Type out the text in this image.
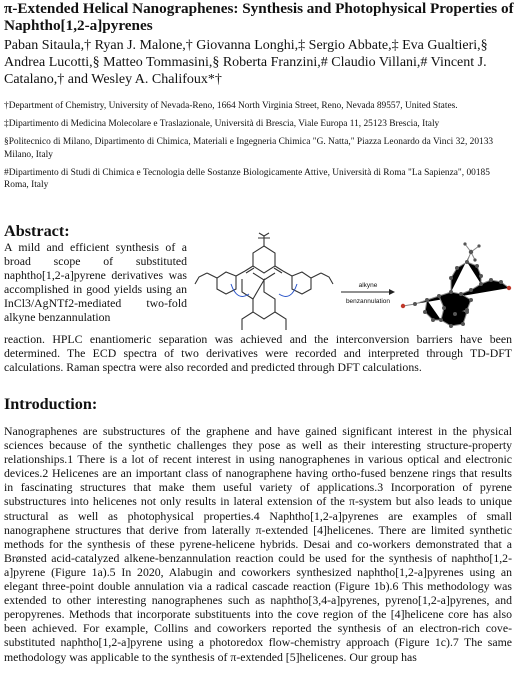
π-Extended Helical Nanographenes: Synthesis and Photophysical Properties of Naphtho[1,2-a]pyrenes
Paban Sitaula,† Ryan J. Malone,† Giovanna Longhi,‡ Sergio Abbate,‡ Eva Gualtieri,§ Andrea Lucotti,§ Matteo Tommasini,§ Roberta Franzini,# Claudio Villani,# Vincent J. Catalano,† and Wesley A. Chalifoux*†

†Department of Chemistry, University of Nevada-Reno, 1664 North Virginia Street, Reno, Nevada 89557, United States.

‡Dipartimento di Medicina Molecolare e Traslazionale, Università di Brescia, Viale Europa 11, 25123 Brescia, Italy

§Politecnico di Milano, Dipartimento di Chimica, Materiali e Ingegneria Chimica "G. Natta," Piazza Leonardo da Vinci 32, 20133 Milano, Italy

#Dipartimento di Studi di Chimica e Tecnologia delle Sostanze Biologicamente Attive, Università di Roma "La Sapienza", 00185 Roma, Italy

Abstract:
A mild and efficient synthesis of a broad scope of substituted naphtho[1,2-a]pyrene derivatives was accomplished in good yields using an InCl3/AgNTf2-mediated two-fold alkyne benzannulation
alkyne
benzannulation
reaction. HPLC enantiomeric separation was achieved and the interconversion barriers have been determined. The ECD spectra of two derivatives were recorded and interpreted through TD-DFT calculations. Raman spectra were also recorded and predicted through DFT calculations.
Introduction:
Nanographenes are substructures of the graphene and have gained significant interest in the physical sciences because of the synthetic challenges they pose as well as their interesting structure-property relationships.1 There is a lot of recent interest in using nanographenes in various optical and electronic devices.2 Helicenes are an important class of nanographene having ortho-fused benzene rings that results in fascinating structures that make them useful variety of applications.3 Incorporation of pyrene substructures into helicenes not only results in lateral extension of the π-system but also leads to unique structural as well as photophysical properties.4 Naphtho[1,2-a]pyrenes are examples of small nanographene structures that derive from laterally π-extended [4]helicenes. There are limited synthetic methods for the synthesis of these pyrene-helicene hybrids. Desai and co-workers demonstrated that a Brønsted acid-catalyzed alkene-benzannulation reaction could be used for the synthesis of naphtho[1,2-a]pyrene (Figure 1a).5 In 2020, Alabugin and coworkers synthesized naphtho[1,2-a]pyrenes using an elegant three-point double annulation via a radical cascade reaction (Figure 1b).6 This methodology was extended to other interesting nanographenes such as naphtho[3,4-a]pyrenes, pyreno[1,2-a]pyrenes, and peropyrenes. Methods that incorporate substituents into the cove region of the [4]helicene core has also been achieved. For example, Collins and coworkers reported the synthesis of an electron-rich cove-substituted naphtho[1,2-a]pyrene using a photoredox flow-chemistry approach (Figure 1c).7 The same methodology was applicable to the synthesis of π-extended [5]helicenes. Our group has
